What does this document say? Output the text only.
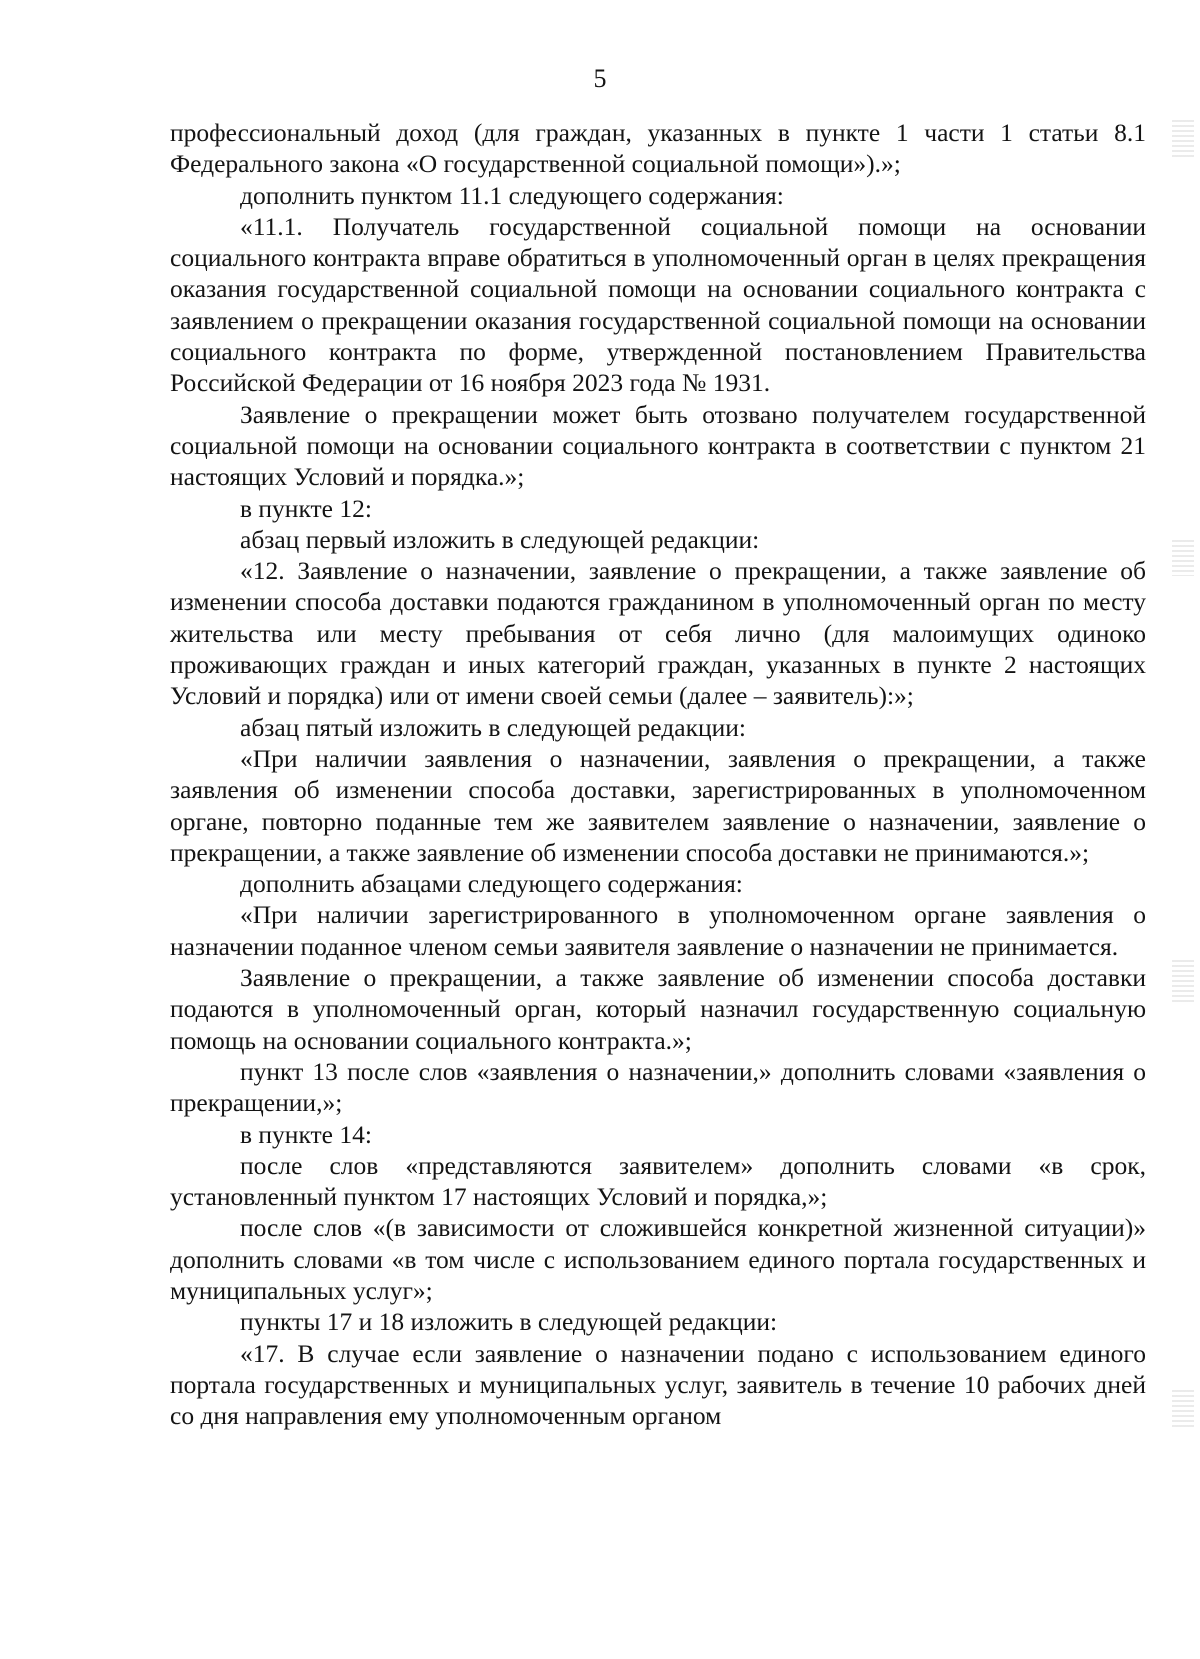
5

профессиональный доход (для граждан, указанных в пункте 1 части 1 статьи 8.1 Федерального закона «О государственной социальной помощи»).»;

дополнить пунктом 11.1 следующего содержания:

«11.1. Получатель государственной социальной помощи на основании социального контракта вправе обратиться в уполномоченный орган в целях прекращения оказания государственной социальной помощи на основании социального контракта с заявлением о прекращении оказания государственной социальной помощи на основании социального контракта по форме, утвержденной постановлением Правительства Российской Федерации от 16 ноября 2023 года № 1931.

Заявление о прекращении может быть отозвано получателем государственной социальной помощи на основании социального контракта в соответствии с пунктом 21 настоящих Условий и порядка.»;

в пункте 12:

абзац первый изложить в следующей редакции:

«12. Заявление о назначении, заявление о прекращении, а также заявление об изменении способа доставки подаются гражданином в уполномоченный орган по месту жительства или месту пребывания от себя лично (для малоимущих одиноко проживающих граждан и иных категорий граждан, указанных в пункте 2 настоящих Условий и порядка) или от имени своей семьи (далее – заявитель):»;

абзац пятый изложить в следующей редакции:

«При наличии заявления о назначении, заявления о прекращении, а также заявления об изменении способа доставки, зарегистрированных в уполномоченном органе, повторно поданные тем же заявителем заявление о назначении, заявление о прекращении, а также заявление об изменении способа доставки не принимаются.»;

дополнить абзацами следующего содержания:

«При наличии зарегистрированного в уполномоченном органе заявления о назначении поданное членом семьи заявителя заявление о назначении не принимается.

Заявление о прекращении, а также заявление об изменении способа доставки подаются в уполномоченный орган, который назначил государственную социальную помощь на основании социального контракта.»;

пункт 13 после слов «заявления о назначении,» дополнить словами «заявления о прекращении,»;

в пункте 14:

после слов «представляются заявителем» дополнить словами «в срок, установленный пунктом 17 настоящих Условий и порядка,»;

после слов «(в зависимости от сложившейся конкретной жизненной ситуации)» дополнить словами «в том числе с использованием единого портала государственных и муниципальных услуг»;

пункты 17 и 18 изложить в следующей редакции:

«17. В случае если заявление о назначении подано с использованием единого портала государственных и муниципальных услуг, заявитель в течение 10 рабочих дней со дня направления ему уполномоченным органом
